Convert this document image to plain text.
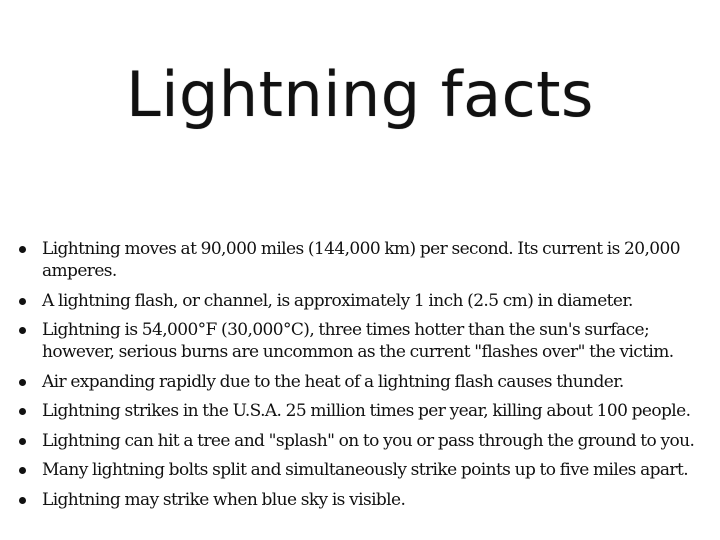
Lightning facts
Lightning moves at 90,000 miles (144,000 km) per second. Its current is 20,000 amperes.
A lightning flash, or channel, is approximately 1 inch (2.5 cm) in diameter.
Lightning is 54,000°F (30,000°C), three times hotter than the sun's surface; however, serious burns are uncommon as the current "flashes over" the victim.
Air expanding rapidly due to the heat of a lightning flash causes thunder.
Lightning strikes in the U.S.A. 25 million times per year, killing about 100 people.
Lightning can hit a tree and "splash" on to you or pass through the ground to you.
Many lightning bolts split and simultaneously strike points up to five miles apart.
Lightning may strike when blue sky is visible.
